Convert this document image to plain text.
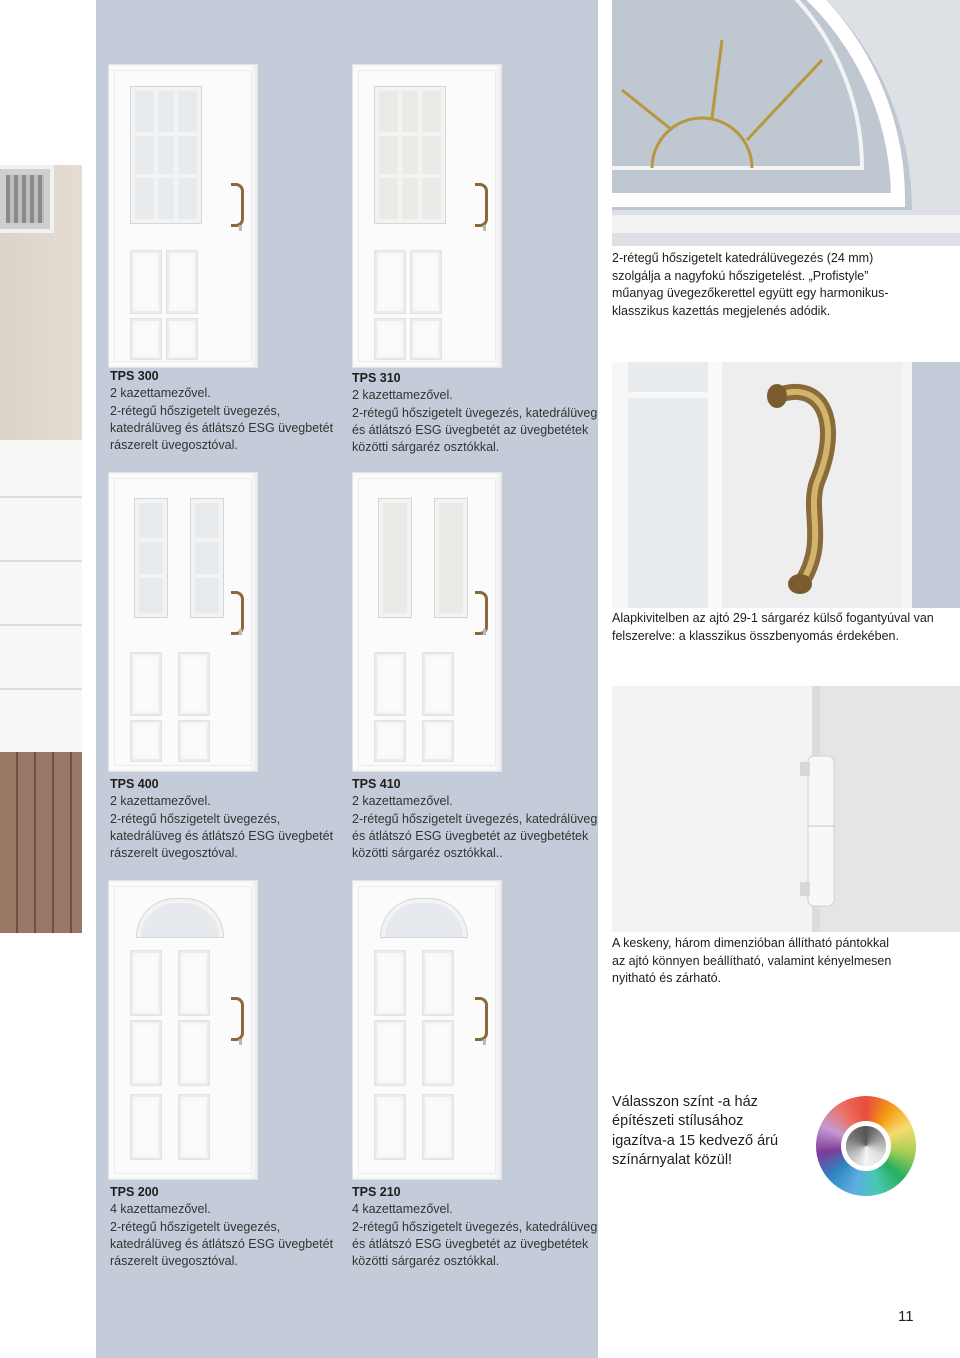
TPS 300
2 kazettamezővel.
2-rétegű hőszigetelt üvegezés,
katedrálüveg és átlátszó ESG üvegbetét
rászerelt üvegosztóval.
TPS 310
2 kazettamezővel.
2-rétegű hőszigetelt üvegezés, katedrálüveg
és átlátszó ESG üvegbetét az üvegbetétek
közötti sárgaréz osztókkal.
TPS 400
2 kazettamezővel.
2-rétegű hőszigetelt üvegezés,
katedrálüveg és átlátszó ESG üvegbetét
rászerelt üvegosztóval.
TPS 410
2 kazettamezővel.
2-rétegű hőszigetelt üvegezés, katedrálüveg
és átlátszó ESG üvegbetét az üvegbetétek
közötti sárgaréz osztókkal..
TPS 200
4 kazettamezővel.
2-rétegű hőszigetelt üvegezés,
katedrálüveg és átlátszó ESG üvegbetét
rászerelt üvegosztóval.
TPS 210
4 kazettamezővel.
2-rétegű hőszigetelt üvegezés, katedrálüveg
és átlátszó ESG üvegbetét az üvegbetétek
közötti sárgaréz osztókkal.
2-rétegű hőszigetelt katedrálüvegezés (24 mm)
szolgálja a nagyfokú hőszigetelést. „Profistyle”
műanyag üvegezőkerettel együtt egy harmonikus-
klasszikus kazettás megjelenés adódik.
Alapkivitelben az ajtó 29-1 sárgaréz külső fogantyúval van
felszerelve: a klasszikus összbenyomás érdekében.
A keskeny, három dimenzióban állítható pántokkal
az ajtó könnyen beállítható, valamint kényelmesen
nyitható és zárható.
Válasszon színt -a ház
építészeti stílusához
igazítva-a 15 kedvező árú
színárnyalat közül!
11
